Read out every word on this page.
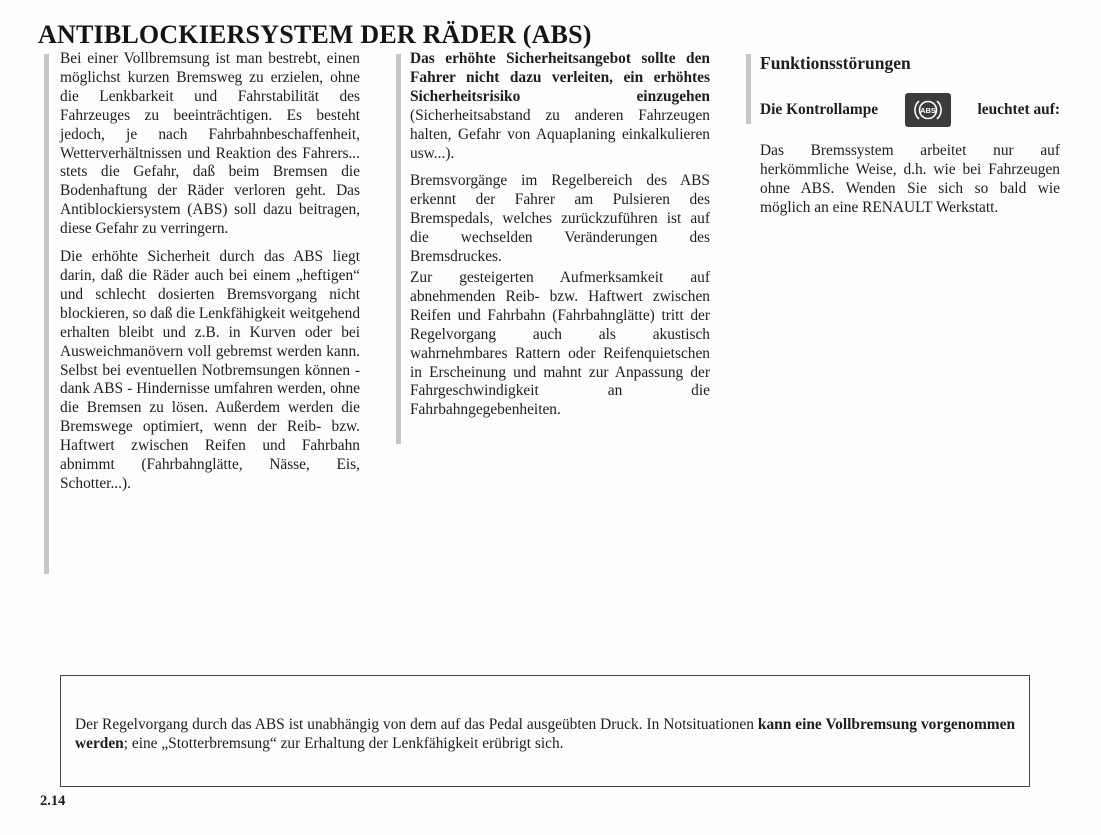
ANTIBLOCKIERSYSTEM DER RÄDER (ABS)

Bei einer Vollbremsung ist man bestrebt, einen möglichst kurzen Bremsweg zu erzielen, ohne die Lenkbarkeit und Fahrstabilität des Fahrzeuges zu beeinträchtigen. Es besteht jedoch, je nach Fahrbahnbeschaffenheit, Wetterverhältnissen und Reaktion des Fahrers... stets die Gefahr, daß beim Bremsen die Bodenhaftung der Räder verloren geht. Das Antiblockiersystem (ABS) soll dazu beitragen, diese Gefahr zu verringern.

Die erhöhte Sicherheit durch das ABS liegt darin, daß die Räder auch bei einem „heftigen“ und schlecht dosierten Bremsvorgang nicht blockieren, so daß die Lenkfähigkeit weitgehend erhalten bleibt und z.B. in Kurven oder bei Ausweichmanövern voll gebremst werden kann. Selbst bei eventuellen Notbremsungen können - dank ABS - Hindernisse umfahren werden, ohne die Bremsen zu lösen. Außerdem werden die Bremswege optimiert, wenn der Reib- bzw. Haftwert zwischen Reifen und Fahrbahn abnimmt (Fahrbahnglätte, Nässe, Eis, Schotter...).

Das erhöhte Sicherheitsangebot sollte den Fahrer nicht dazu verleiten, ein erhöhtes Sicherheitsrisiko einzugehen (Sicherheitsabstand zu anderen Fahrzeugen halten, Gefahr von Aquaplaning einkalkulieren usw...).

Bremsvorgänge im Regelbereich des ABS erkennt der Fahrer am Pulsieren des Bremspedals, welches zurückzuführen ist auf die wechselden Veränderungen des Bremsdruckes.

Zur gesteigerten Aufmerksamkeit auf abnehmenden Reib- bzw. Haftwert zwischen Reifen und Fahrbahn (Fahrbahnglätte) tritt der Regelvorgang auch als akustisch wahrnehmbares Rattern oder Reifenquietschen in Erscheinung und mahnt zur Anpassung der Fahrgeschwindigkeit an die Fahrbahngegebenheiten.

Funktionsstörungen
Die Kontrollampe	ABS	leuchtet auf:

Das Bremssystem arbeitet nur auf herkömmliche Weise, d.h. wie bei Fahrzeugen ohne ABS. Wenden Sie sich so bald wie möglich an eine RENAULT Werkstatt.

Der Regelvorgang durch das ABS ist unabhängig von dem auf das Pedal ausgeübten Druck. In Notsituationen kann eine Vollbremsung vorgenommen werden; eine „Stotterbremsung“ zur Erhaltung der Lenkfähigkeit erübrigt sich.

2.14
